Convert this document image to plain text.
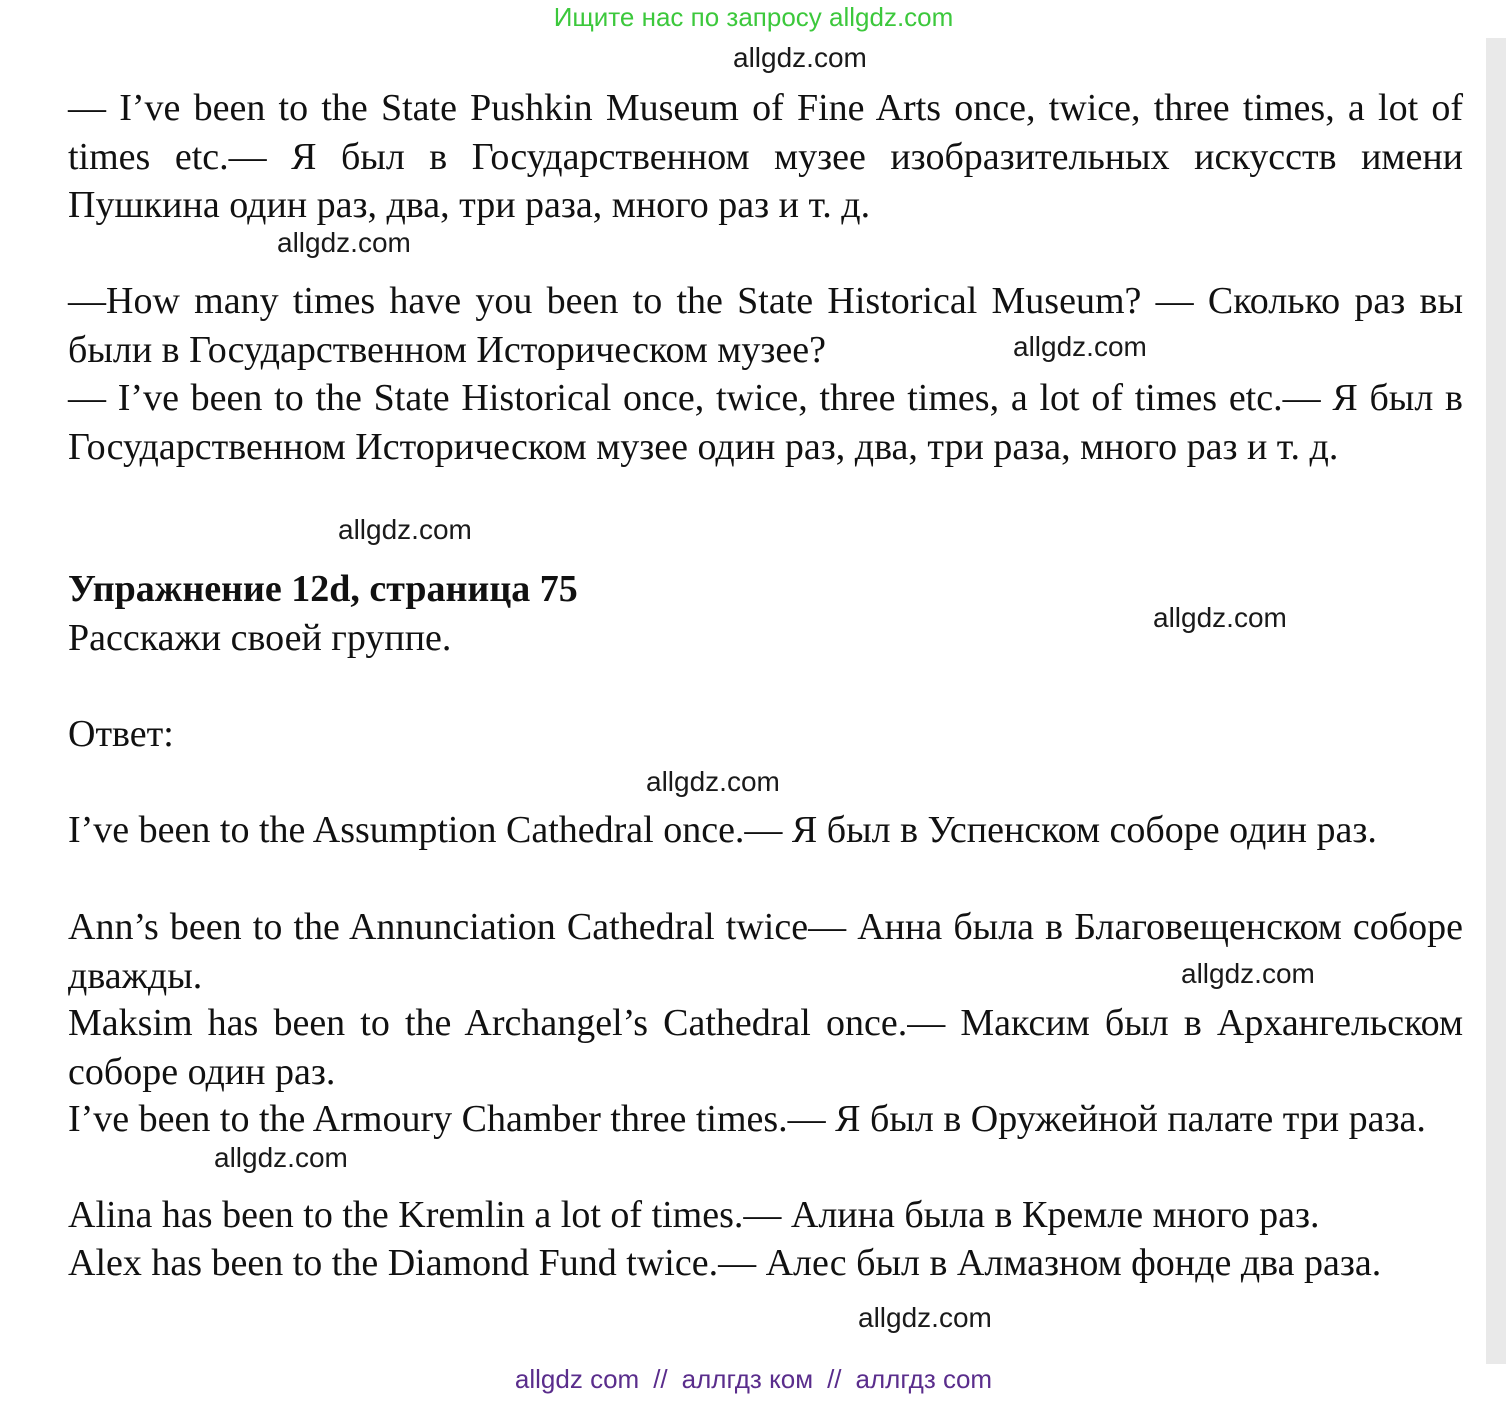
Ищите нас по запросу allgdz.com
allgdz.com

— I’ve been to the State Pushkin Museum of Fine Arts once, twice, three times, a lot of times etc.— Я был в Государственном музее изобразительных искусств имени Пушкина один раз, два, три раза, много раз и т. д.

allgdz.com

—How many times have you been to the State Historical Museum? — Сколько раз вы были в Государственном Историческом музее?	allgdz.com

— I’ve been to the State Historical once, twice, three times, a lot of times etc.— Я был в Государственном Историческом музее один раз, два, три раза, много раз и т. д.

allgdz.com
Упражнение 12d, страница 75
allgdz.com

Расскажи своей группе.

Ответ:

allgdz.com

I’ve been to the Assumption Cathedral once.— Я был в Успенском соборе один раз.

Ann’s been to the Annunciation Cathedral twice— Анна была в Благовещенском соборе дважды.	allgdz.com

Maksim has been to the Archangel’s Cathedral once.— Максим был в Архангельском соборе один раз.

I’ve been to the Armoury Chamber three times.— Я был в Оружейной палате три раза.

allgdz.com

Alina has been to the Kremlin a lot of times.— Алина была в Кремле много раз.

Alex has been to the Diamond Fund twice.— Алес был в Алмазном фонде два раза.

allgdz.com
allgdz com // аллгдз ком // аллгдз com
